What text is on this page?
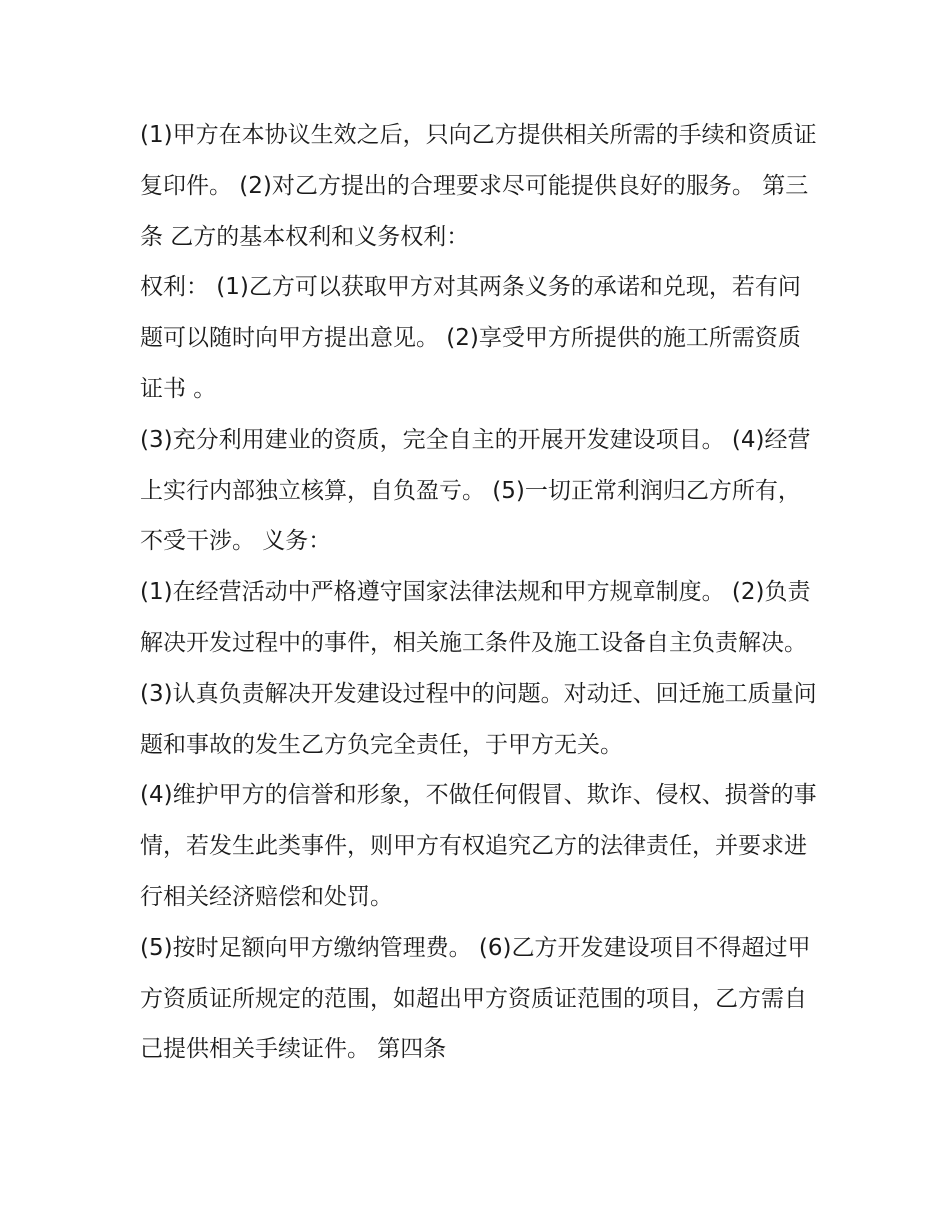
(1)甲方在本协议生效之后，只向乙方提供相关所需的手续和资质证复印件。 (2)对乙方提出的合理要求尽可能提供良好的服务。 第三条 乙方的基本权利和义务权利：

权利： (1)乙方可以获取甲方对其两条义务的承诺和兑现，若有问题可以随时向甲方提出意见。 (2)享受甲方所提供的施工所需资质证书 。

(3)充分利用建业的资质，完全自主的开展开发建设项目。 (4)经营上实行内部独立核算，自负盈亏。 (5)一切正常利润归乙方所有，不受干涉。 义务：

(1)在经营活动中严格遵守国家法律法规和甲方规章制度。 (2)负责解决开发过程中的事件，相关施工条件及施工设备自主负责解决。

(3)认真负责解决开发建设过程中的问题。对动迁、回迁施工质量问题和事故的发生乙方负完全责任，于甲方无关。

(4)维护甲方的信誉和形象，不做任何假冒、欺诈、侵权、损誉的事情，若发生此类事件，则甲方有权追究乙方的法律责任，并要求进行相关经济赔偿和处罚。

(5)按时足额向甲方缴纳管理费。 (6)乙方开发建设项目不得超过甲方资质证所规定的范围，如超出甲方资质证范围的项目，乙方需自己提供相关手续证件。 第四条
